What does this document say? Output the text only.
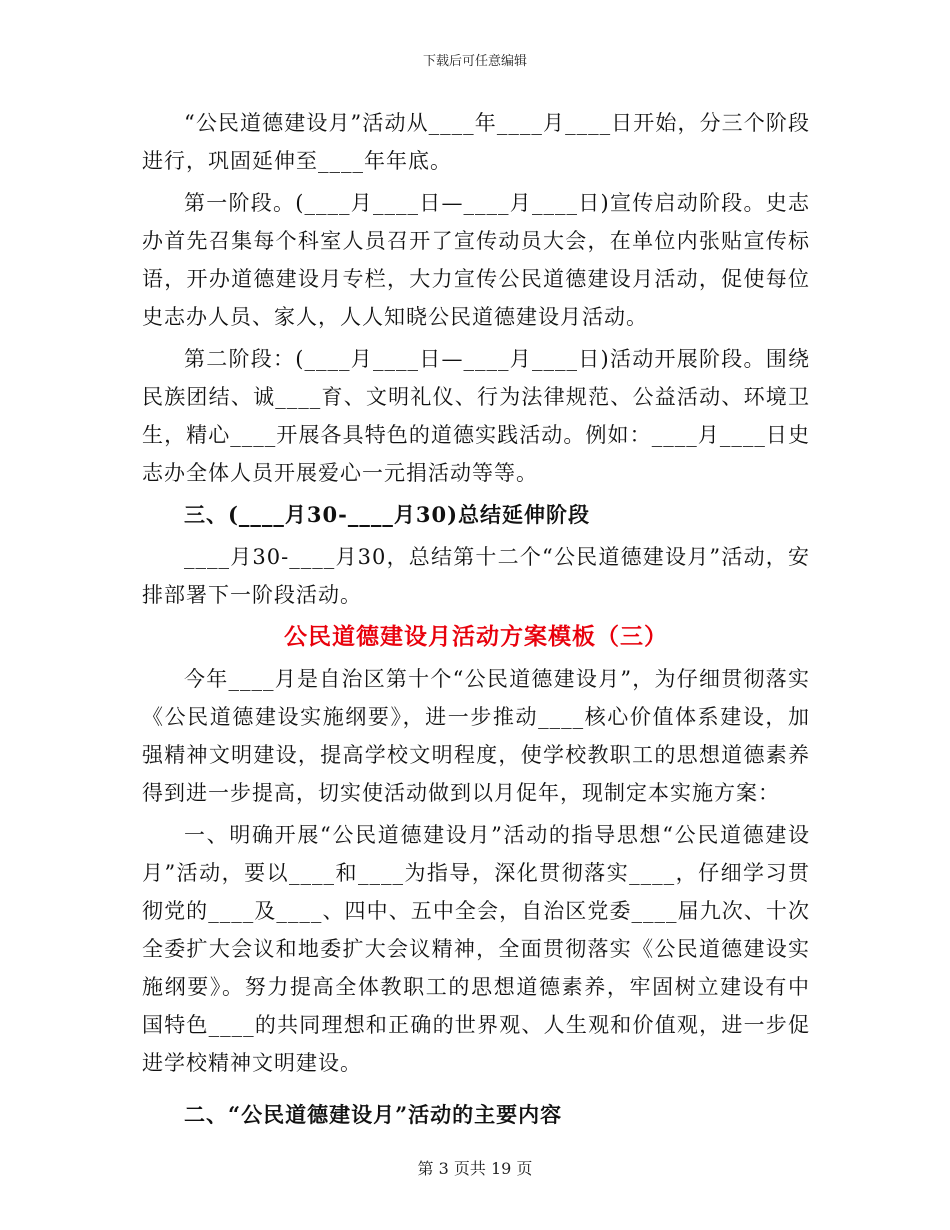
下载后可任意编辑

“公民道德建设月”活动从____年____月____日开始，分三个阶段进行，巩固延伸至____年年底。

第一阶段。(____月____日—____月____日)宣传启动阶段。史志办首先召集每个科室人员召开了宣传动员大会，在单位内张贴宣传标语，开办道德建设月专栏，大力宣传公民道德建设月活动，促使每位史志办人员、家人，人人知晓公民道德建设月活动。

第二阶段：(____月____日—____月____日)活动开展阶段。围绕民族团结、诚____育、文明礼仪、行为法律规范、公益活动、环境卫生，精心____开展各具特色的道德实践活动。例如：____月____日史志办全体人员开展爱心一元捐活动等等。

三、(____月30-____月30)总结延伸阶段

____月30-____月30，总结第十二个“公民道德建设月”活动，安排部署下一阶段活动。

公民道德建设月活动方案模板（三）

今年____月是自治区第十个“公民道德建设月”，为仔细贯彻落实《公民道德建设实施纲要》，进一步推动____核心价值体系建设，加强精神文明建设，提高学校文明程度，使学校教职工的思想道德素养得到进一步提高，切实使活动做到以月促年，现制定本实施方案：

一、明确开展“公民道德建设月”活动的指导思想“公民道德建设月”活动，要以____和____为指导，深化贯彻落实____，仔细学习贯彻党的____及____、四中、五中全会，自治区党委____届九次、十次全委扩大会议和地委扩大会议精神，全面贯彻落实《公民道德建设实施纲要》。努力提高全体教职工的思想道德素养，牢固树立建设有中国特色____的共同理想和正确的世界观、人生观和价值观，进一步促进学校精神文明建设。

二、“公民道德建设月”活动的主要内容

第 3 页共 19 页
